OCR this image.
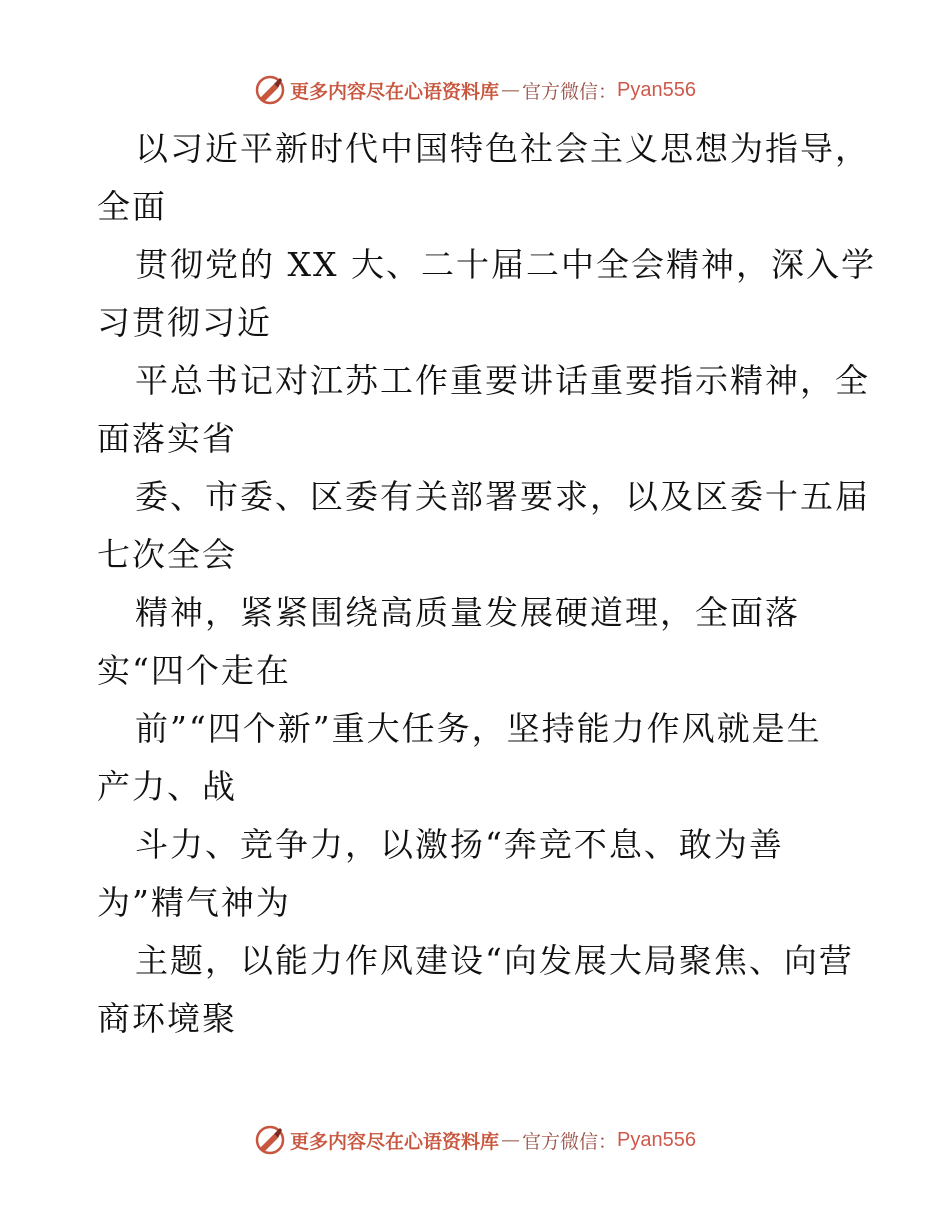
更多内容尽在心语资料库 — 官方微信： Pyan556
以习近平新时代中国特色社会主义思想为指导，
全面
贯彻党的 XX 大、二十届二中全会精神，深入学
习贯彻习近
平总书记对江苏工作重要讲话重要指示精神，全
面落实省
委、市委、区委有关部署要求，以及区委十五届
七次全会
精神，紧紧围绕高质量发展硬道理，全面落
实“四个走在
前”“四个新”重大任务，坚持能力作风就是生
产力、战
斗力、竞争力，以激扬“奔竞不息、敢为善
为”精气神为
主题，以能力作风建设“向发展大局聚焦、向营
商环境聚
更多内容尽在心语资料库 — 官方微信： Pyan556
